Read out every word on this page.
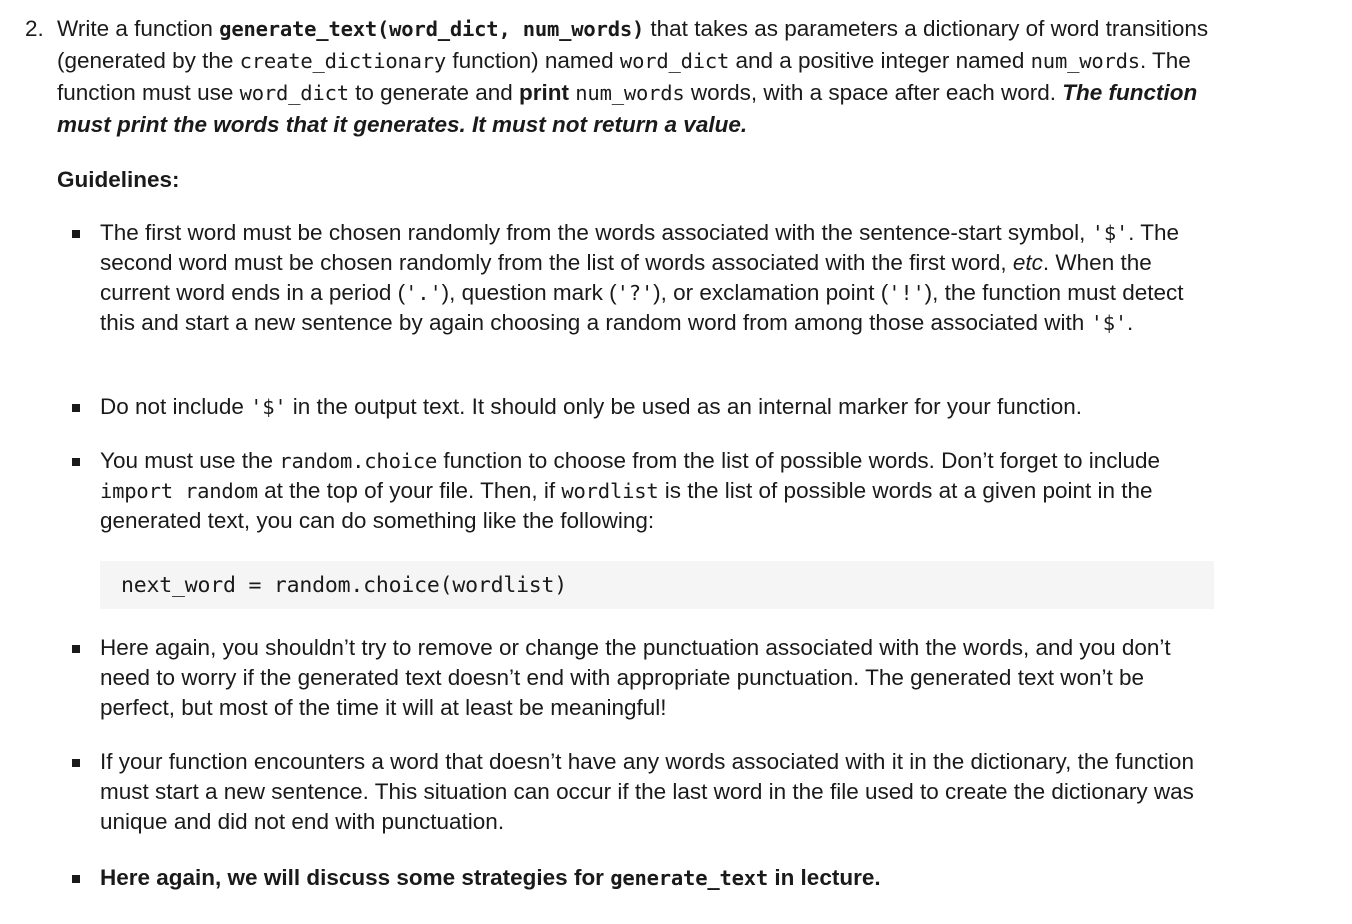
2. Write a function generate_text(word_dict, num_words) that takes as parameters a dictionary of word transitions (generated by the create_dictionary function) named word_dict and a positive integer named num_words. The function must use word_dict to generate and print num_words words, with a space after each word. The function must print the words that it generates. It must not return a value.
Guidelines:
The first word must be chosen randomly from the words associated with the sentence-start symbol, '$'. The second word must be chosen randomly from the list of words associated with the first word, etc. When the current word ends in a period ('.'), question mark ('?'), or exclamation point ('!'), the function must detect this and start a new sentence by again choosing a random word from among those associated with '$'.
Do not include '$' in the output text. It should only be used as an internal marker for your function.
You must use the random.choice function to choose from the list of possible words. Don’t forget to include import random at the top of your file. Then, if wordlist is the list of possible words at a given point in the generated text, you can do something like the following:
next_word = random.choice(wordlist)
Here again, you shouldn’t try to remove or change the punctuation associated with the words, and you don’t need to worry if the generated text doesn’t end with appropriate punctuation. The generated text won’t be perfect, but most of the time it will at least be meaningful!
If your function encounters a word that doesn’t have any words associated with it in the dictionary, the function must start a new sentence. This situation can occur if the last word in the file used to create the dictionary was unique and did not end with punctuation.
Here again, we will discuss some strategies for generate_text in lecture.
